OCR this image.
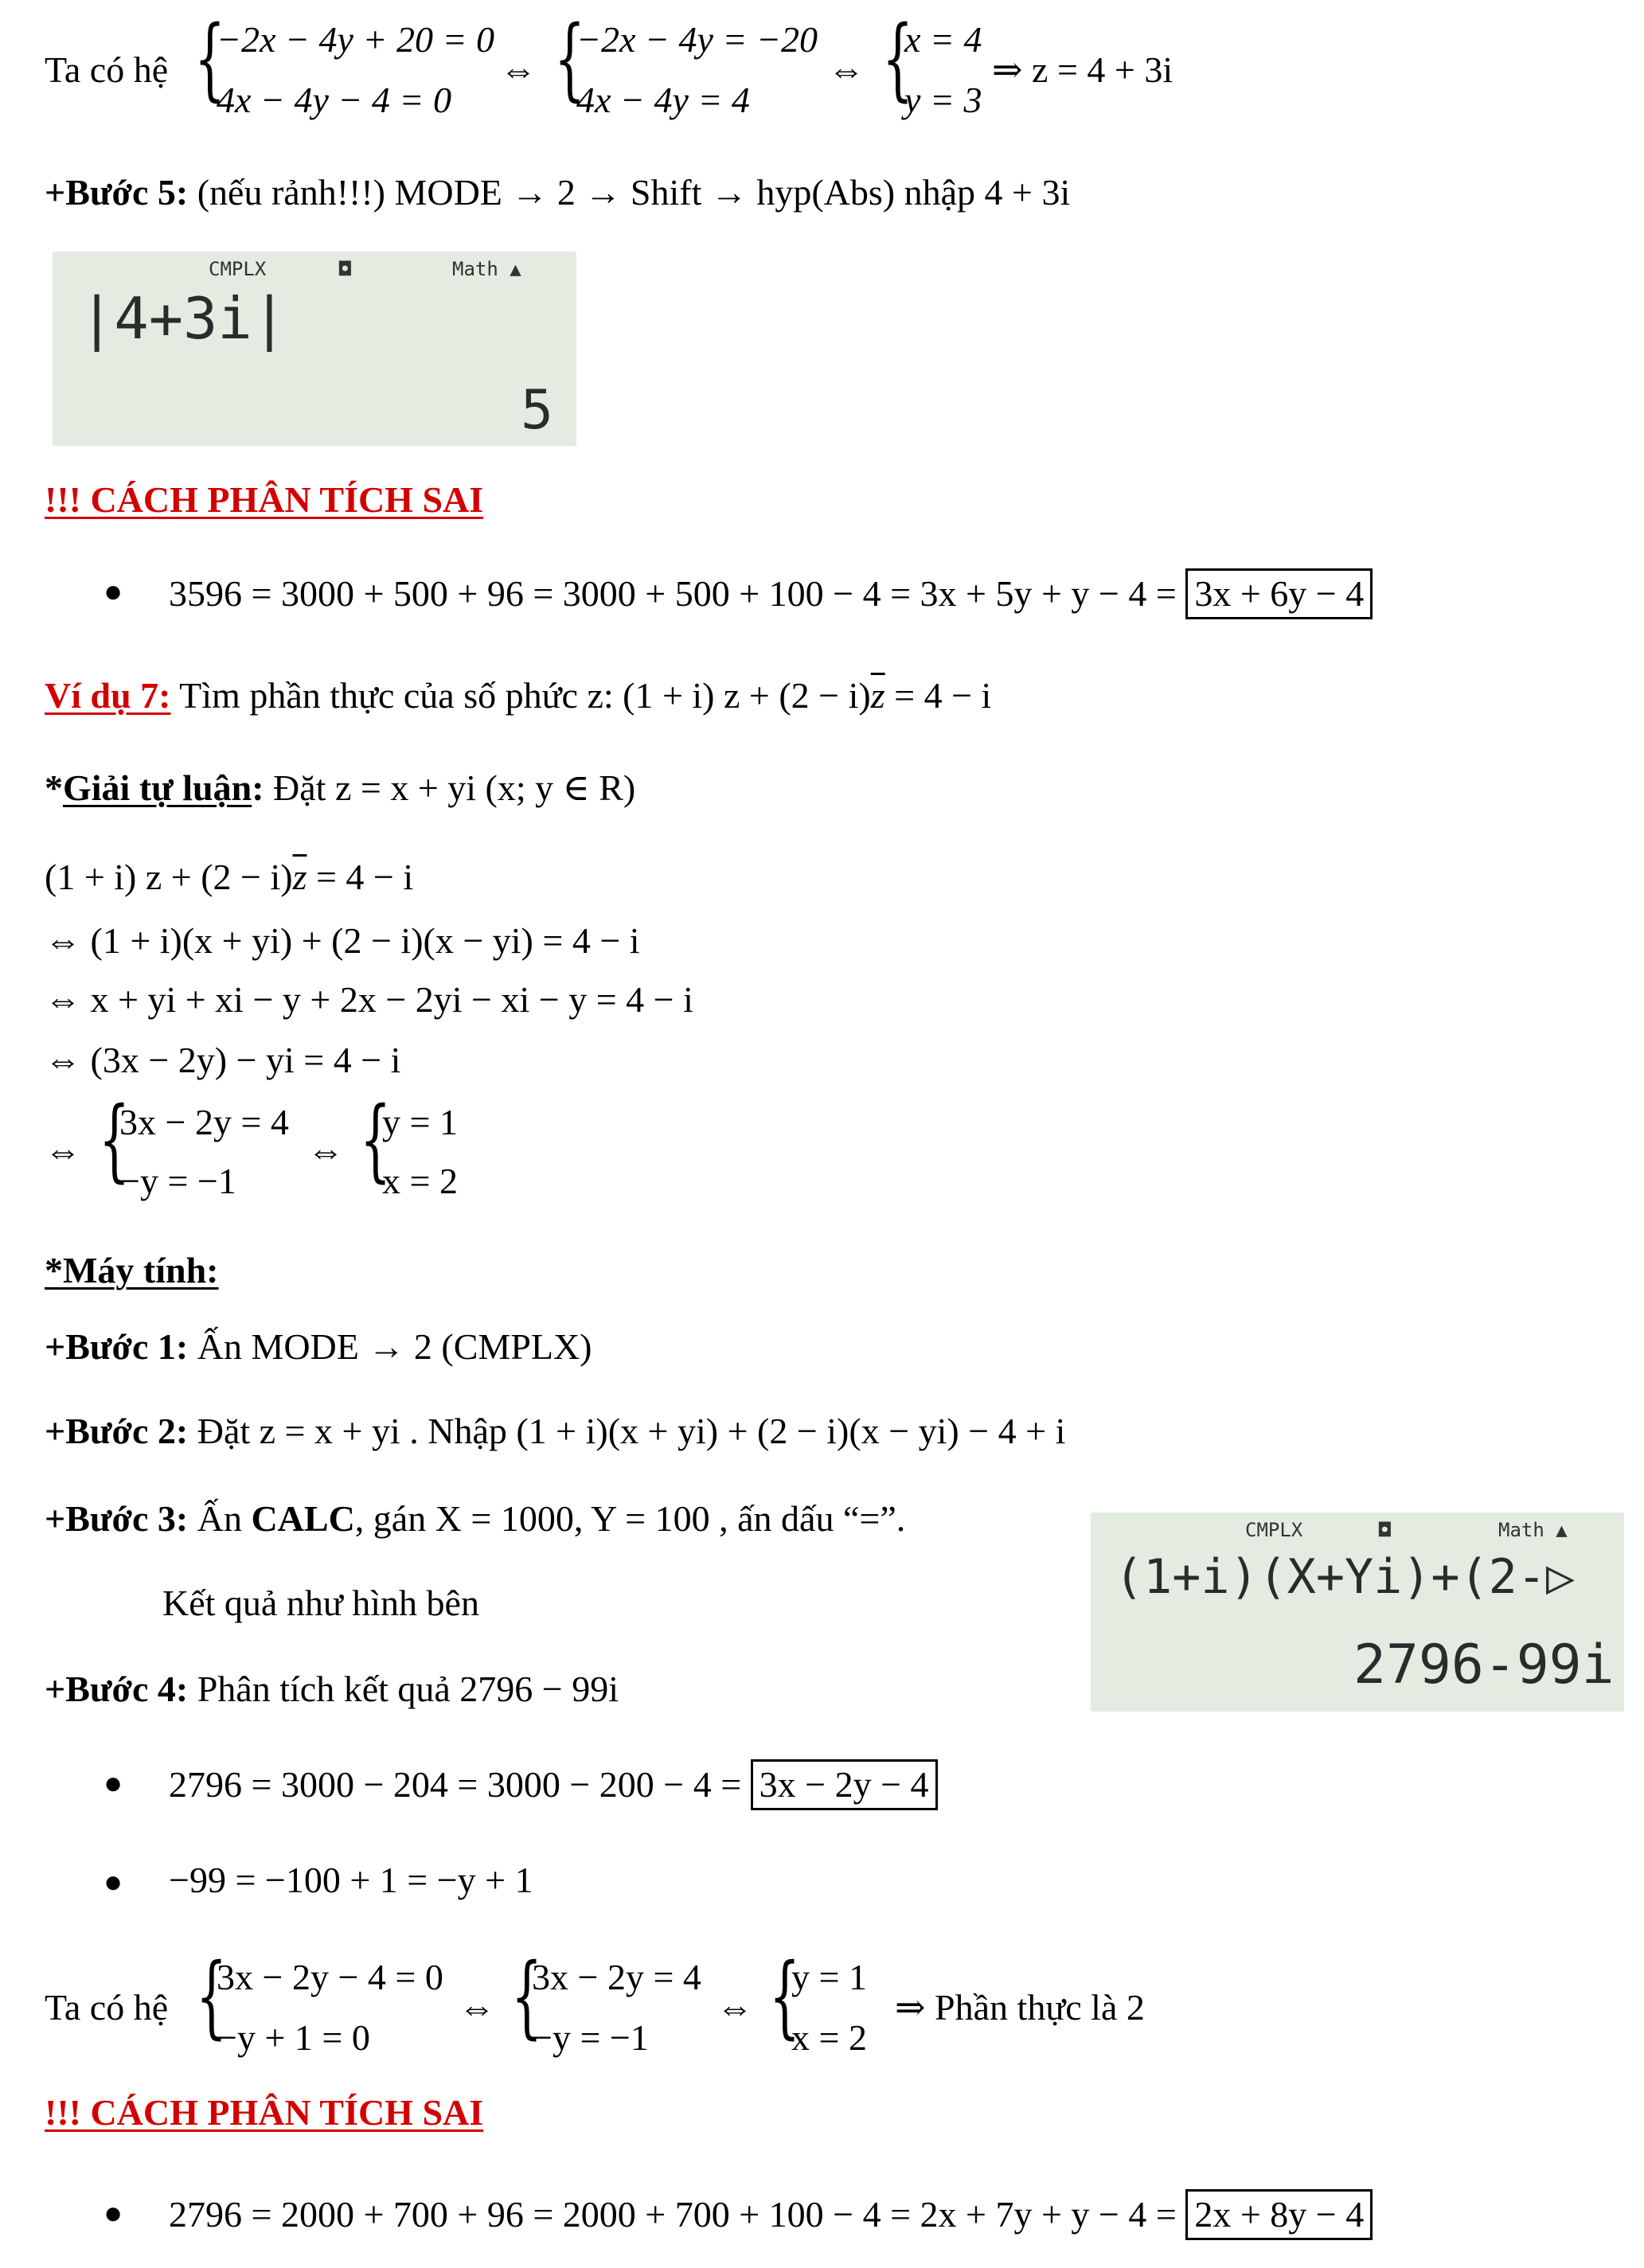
Ta có hệ {
−2x − 4y + 20 = 0
4x − 4y − 4 = 0
⇔ {
−2x − 4y = −20
4x − 4y = 4
⇔ {
x = 4
y = 3
⇒ z = 4 + 3i
+Bước 5: (nếu rảnh!!!) MODE → 2 → Shift → hyp(Abs) nhập 4 + 3i
CMPLX	◘	Math ▲
|4+3i|
5
!!! CÁCH PHÂN TÍCH SAI
● 3596 = 3000 + 500 + 96 = 3000 + 500 + 100 − 4 = 3x + 5y + y − 4 = 3x + 6y − 4
Ví dụ 7: Tìm phần thực của số phức z: (1 + i) $z + (2 - i)\overline{z} = 4 - i$
*Giải tự luận: Đặt z = x + yi (x; y ∈ R)
(1 + i) $z + (2 - i)\overline{z} = 4 - i$
⇔ (1 + i)(x + yi) + (2 − i)(x − yi) = 4 − i
⇔ x + yi + xi − y + 2x − 2yi − xi − y = 4 − i
⇔ (3x − 2y) − yi = 4 − i
⇔ {
3x − 2y = 4
−y = −1
⇔ {
y = 1
x = 2
*Máy tính:
+Bước 1: Ấn MODE → 2 (CMPLX)
+Bước 2: Đặt z = x + yi . Nhập (1 + i)(x + yi) + (2 − i)(x − yi) − 4 + i
+Bước 3: Ấn CALC, gán X = 1000, Y = 100 , ấn dấu “=”.
Kết quả như hình bên
CMPLX	◘	Math ▲
(1+i)(X+Yi)+(2-▷
2796-99i
+Bước 4: Phân tích kết quả 2796 − 99i
● 2796 = 3000 − 204 = 3000 − 200 − 4 = 3x − 2y − 4
● −99 = −100 + 1 = −y + 1
Ta có hệ {
3x − 2y − 4 = 0
−y + 1 = 0
⇔ {
3x − 2y = 4
−y = −1
⇔ {
y = 1
x = 2
⇒ Phần thực là 2
!!! CÁCH PHÂN TÍCH SAI
● 2796 = 2000 + 700 + 96 = 2000 + 700 + 100 − 4 = 2x + 7y + y − 4 = 2x + 8y − 4
